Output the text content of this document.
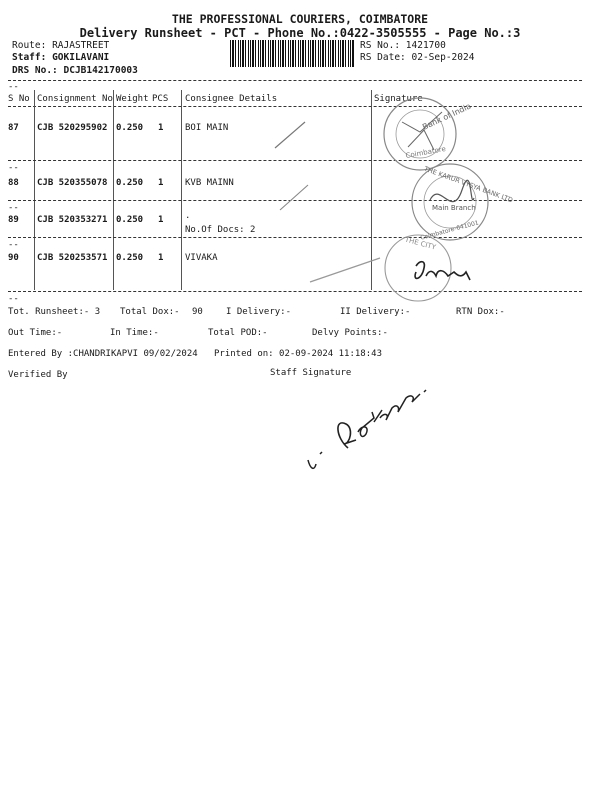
THE PROFESSIONAL COURIERS, COIMBATORE
Delivery Runsheet - PCT - Phone No.:0422-3505555 - Page No.:3
Route: RAJASTREET
Staff: GOKILAVANI
DRS No.: DCJB142170003
RS No.: 1421700
RS Date: 02-Sep-2024
--
S No Consignment No Weight PCS Consignee Details	Signature
87 CJB 520295902 0.250 1 BOI MAIN
--
88 CJB 520355078 0.250 1 KVB MAINN
--
89 CJB 520353271 0.250 1 .
No.Of Docs: 2
--
90 CJB 520253571 0.250 1 VIVAKA
--
Bank of India
Coimbatore
THE KARUR VYSYA BANK LTD
Main Branch
Coimbatore-641001
THE CITY
Tot. Runsheet:- 3 Total Dox:- 90	I Delivery:-	II Delivery:-	RTN Dox:-
Out Time:-	In Time:-	Total POD:-	Delvy Points:-
Entered By :CHANDRIKAPVI 09/02/2024 Printed on: 02-09-2024 11:18:43
Verified By	Staff Signature
